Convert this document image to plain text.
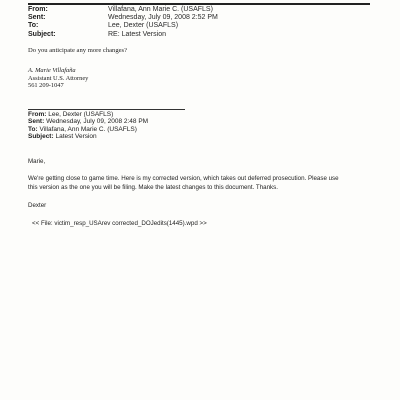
From:	Villafana, Ann Marie C. (USAFLS)
Sent:	Wednesday, July 09, 2008 2:52 PM
To:	Lee, Dexter (USAFLS)
Subject:	RE: Latest Version
Do you anticipate any more changes?
A. Marie Villafaña
Assistant U.S. Attorney
561 209-1047
From: Lee, Dexter (USAFLS)
Sent: Wednesday, July 09, 2008 2:48 PM
To: Villafana, Ann Marie C. (USAFLS)
Subject: Latest Version
Marie,
We're getting close to game time. Here is my corrected version, which takes out deferred prosecution. Please use
this version as the one you will be filing. Make the latest changes to this document. Thanks.
Dexter
<< File: victim_resp_USArev corrected_DOJedits(1445).wpd >>
